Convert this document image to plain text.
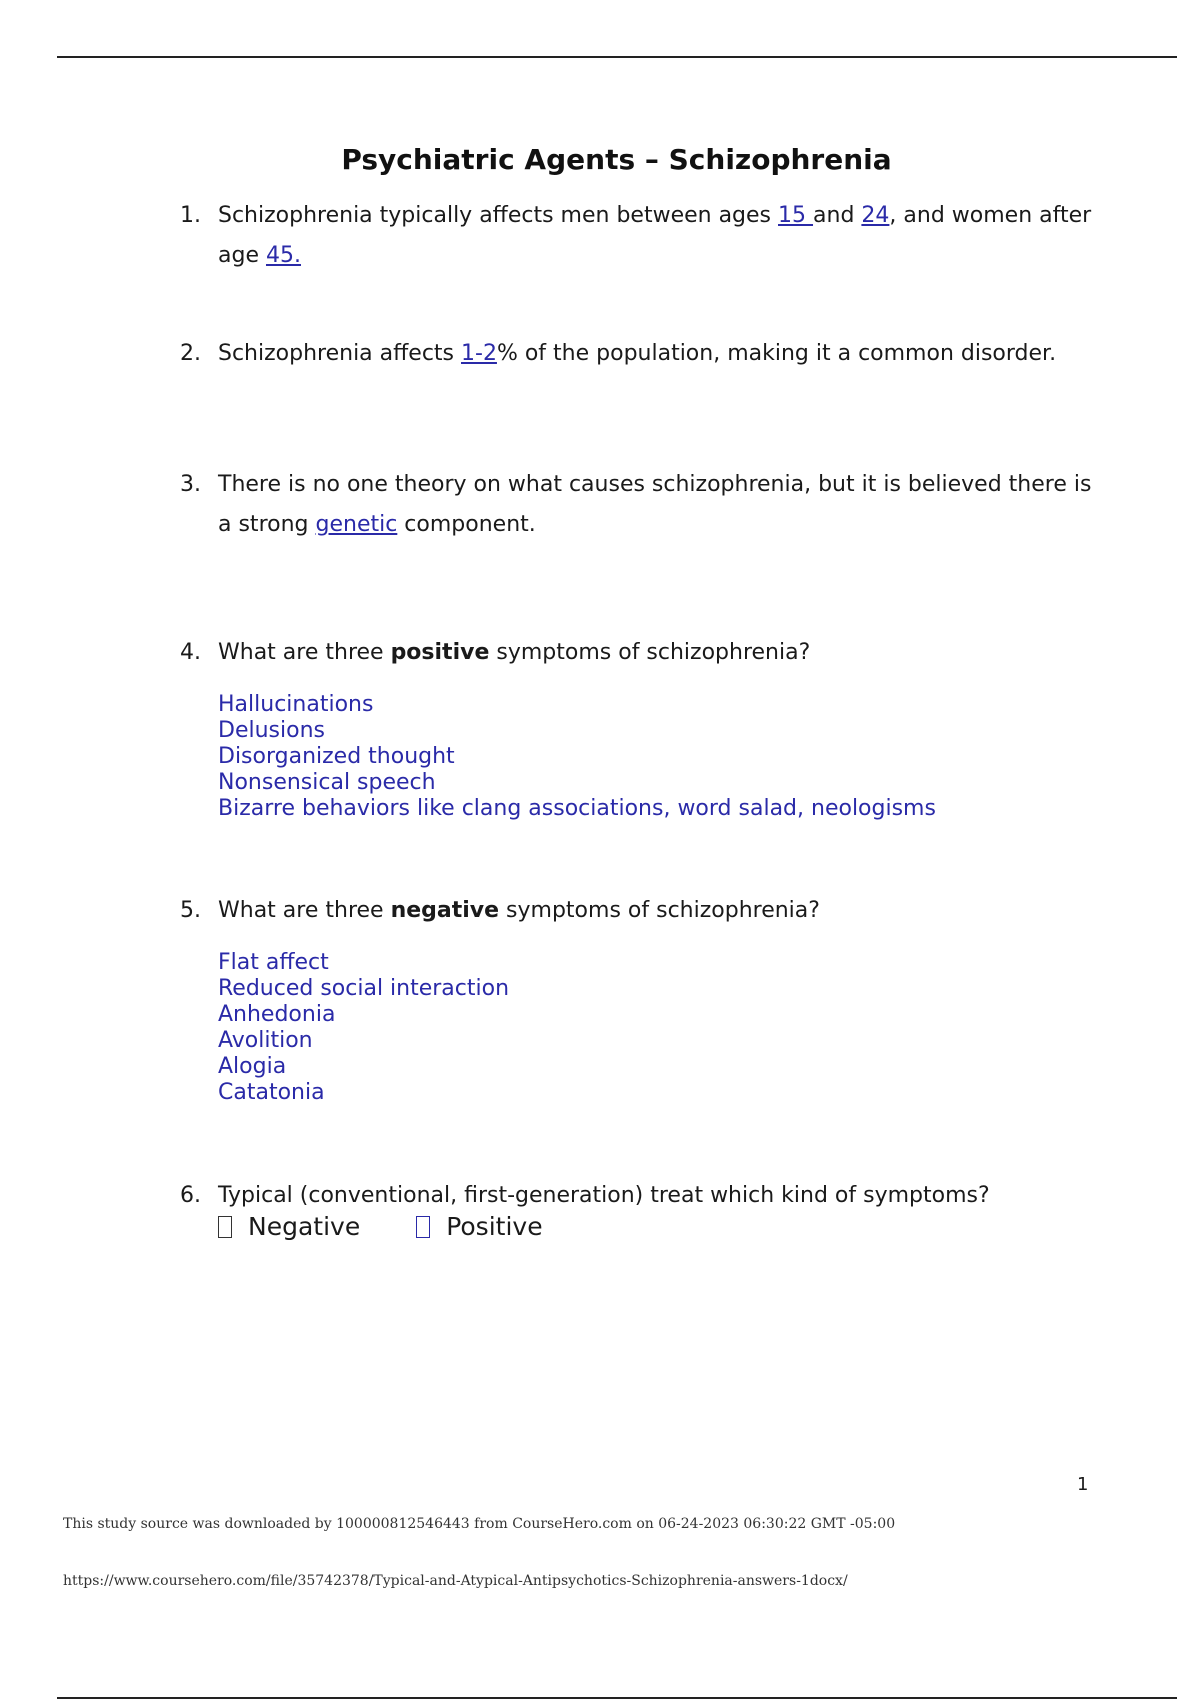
Psychiatric Agents – Schizophrenia
1. Schizophrenia typically affects men between ages 15 and 24, and women after age 45.
2. Schizophrenia affects 1-2% of the population, making it a common disorder.
3. There is no one theory on what causes schizophrenia, but it is believed there is a strong genetic component.
4. What are three positive symptoms of schizophrenia?
Hallucinations
Delusions
Disorganized thought
Nonsensical speech
Bizarre behaviors like clang associations, word salad, neologisms
5. What are three negative symptoms of schizophrenia?
Flat affect
Reduced social interaction
Anhedonia
Avolition
Alogia
Catatonia
6. Typical (conventional, first-generation) treat which kind of symptoms?
Negative	Positive
1
This study source was downloaded by 100000812546443 from CourseHero.com on 06-24-2023 06:30:22 GMT -05:00
https://www.coursehero.com/file/35742378/Typical-and-Atypical-Antipsychotics-Schizophrenia-answers-1docx/
